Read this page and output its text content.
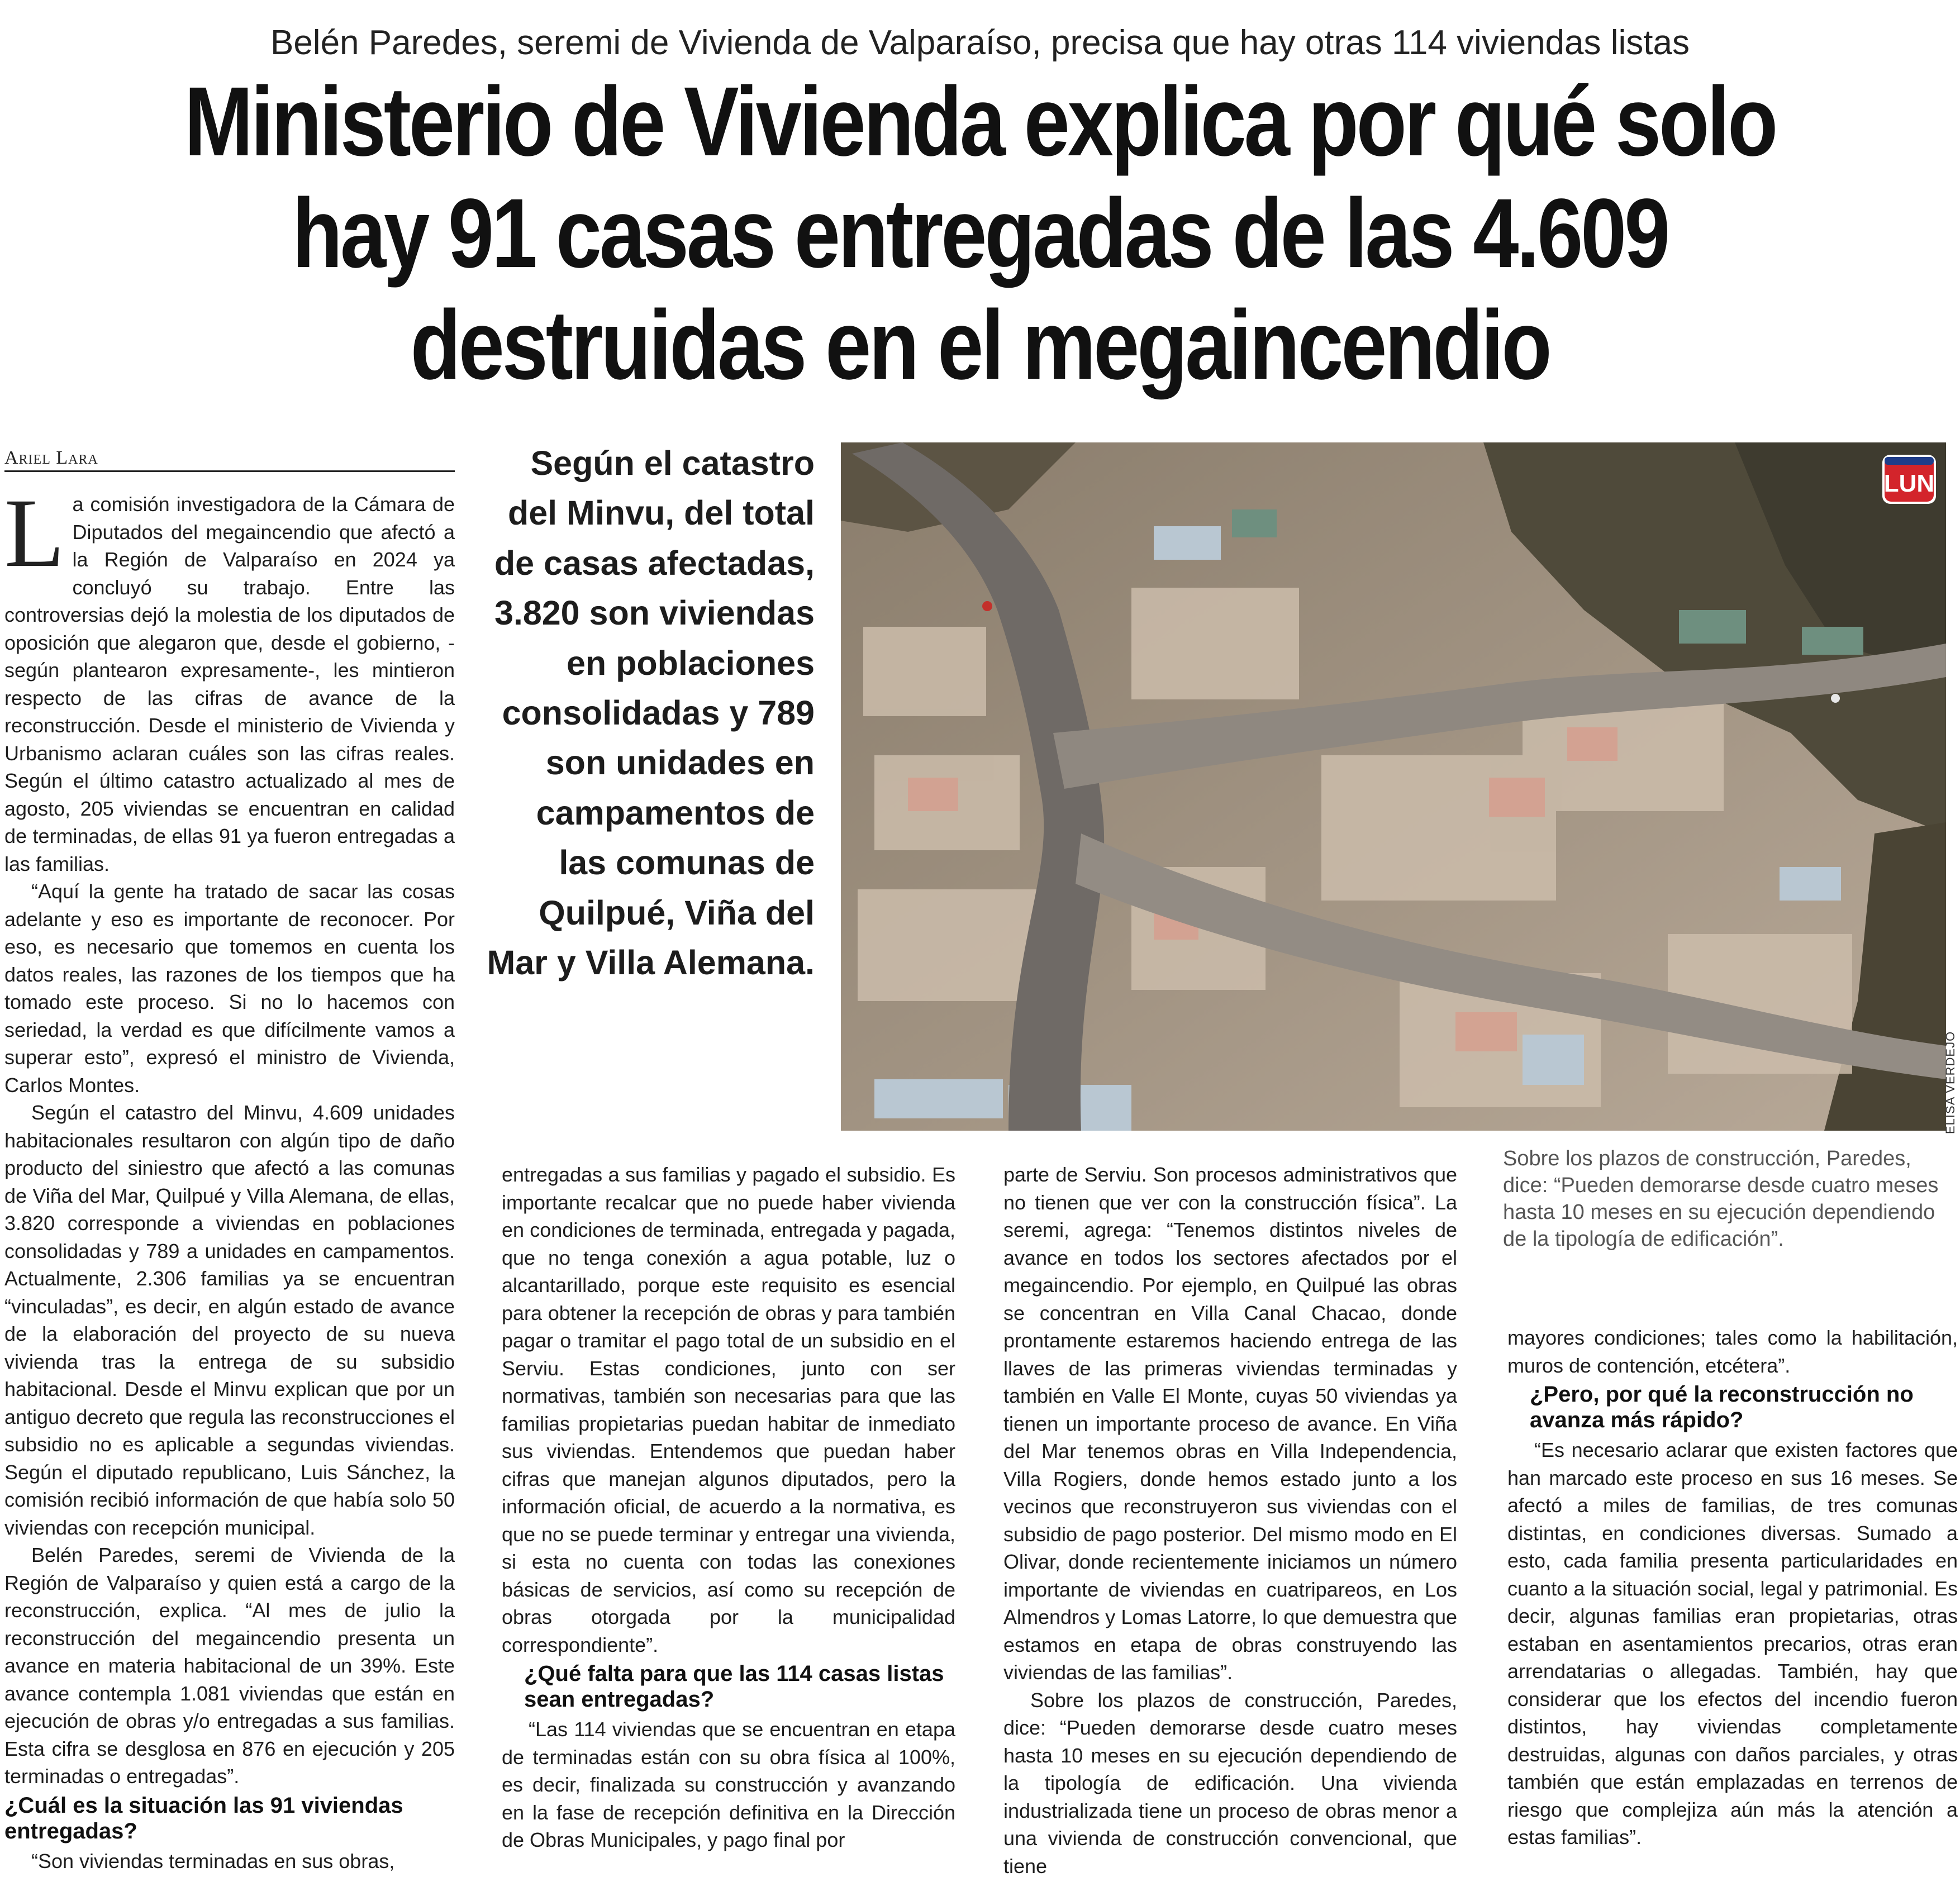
Belén Paredes, seremi de Vivienda de Valparaíso, precisa que hay otras 114 viviendas listas
Ministerio de Vivienda explica por qué solo hay 91 casas entregadas de las 4.609 destruidas en el megaincendio
Ariel Lara

La comisión investigadora de la Cámara de Diputados del megaincendio que afectó a la Región de Valparaíso en 2024 ya concluyó su trabajo. Entre las controversias dejó la molestia de los diputados de oposición que alegaron que, desde el gobierno, -según plantearon expresamente-, les mintieron respecto de las cifras de avance de la reconstrucción. Desde el ministerio de Vivienda y Urbanismo aclaran cuáles son las cifras reales. Según el último catastro actualizado al mes de agosto, 205 viviendas se encuentran en calidad de terminadas, de ellas 91 ya fueron entregadas a las familias.

“Aquí la gente ha tratado de sacar las cosas adelante y eso es importante de reconocer. Por eso, es necesario que tomemos en cuenta los datos reales, las razones de los tiempos que ha tomado este proceso. Si no lo hacemos con seriedad, la verdad es que difícilmente vamos a superar esto”, expresó el ministro de Vivienda, Carlos Montes.

Según el catastro del Minvu, 4.609 unidades habitacionales resultaron con algún tipo de daño producto del siniestro que afectó a las comunas de Viña del Mar, Quilpué y Villa Alemana, de ellas, 3.820 corresponde a viviendas en poblaciones consolidadas y 789 a unidades en campamentos. Actualmente, 2.306 familias ya se encuentran “vinculadas”, es decir, en algún estado de avance de la elaboración del proyecto de su nueva vivienda tras la entrega de su subsidio habitacional. Desde el Minvu explican que por un antiguo decreto que regula las reconstrucciones el subsidio no es aplicable a segundas viviendas. Según el diputado republicano, Luis Sánchez, la comisión recibió información de que había solo 50 viviendas con recepción municipal.

Belén Paredes, seremi de Vivienda de la Región de Valparaíso y quien está a cargo de la reconstrucción, explica. “Al mes de julio la reconstrucción del megaincendio presenta un avance en materia habitacional de un 39%. Este avance contempla 1.081 viviendas que están en ejecución de obras y/o entregadas a sus familias. Esta cifra se desglosa en 876 en ejecución y 205 terminadas o entregadas”.

¿Cuál es la situación las 91 viviendas entregadas?

“Son viviendas terminadas en sus obras,

Según el catastro del Minvu, del total de casas afectadas, 3.820 son viviendas en poblaciones consolidadas y 789 son unidades en campamentos de las comunas de Quilpué, Viña del Mar y Villa Alemana.
LUN
ELISA VERDEJO

entregadas a sus familias y pagado el subsidio. Es importante recalcar que no puede haber vivienda en condiciones de terminada, entregada y pagada, que no tenga conexión a agua potable, luz o alcantarillado, porque este requisito es esencial para obtener la recepción de obras y para también pagar o tramitar el pago total de un subsidio en el Serviu. Estas condiciones, junto con ser normativas, también son necesarias para que las familias propietarias puedan habitar de inmediato sus viviendas. Entendemos que puedan haber cifras que manejan algunos diputados, pero la información oficial, de acuerdo a la normativa, es que no se puede terminar y entregar una vivienda, si esta no cuenta con todas las conexiones básicas de servicios, así como su recepción de obras otorgada por la municipalidad correspondiente”.

¿Qué falta para que las 114 casas listas sean entregadas?

“Las 114 viviendas que se encuentran en etapa de terminadas están con su obra física al 100%, es decir, finalizada su construcción y avanzando en la fase de recepción definitiva en la Dirección de Obras Municipales, y pago final por

parte de Serviu. Son procesos administrativos que no tienen que ver con la construcción física”. La seremi, agrega: “Tenemos distintos niveles de avance en todos los sectores afectados por el megaincendio. Por ejemplo, en Quilpué las obras se concentran en Villa Canal Chacao, donde prontamente estaremos haciendo entrega de las llaves de las primeras viviendas terminadas y también en Valle El Monte, cuyas 50 viviendas ya tienen un importante proceso de avance. En Viña del Mar tenemos obras en Villa Independencia, Villa Rogiers, donde hemos estado junto a los vecinos que reconstruyeron sus viviendas con el subsidio de pago posterior. Del mismo modo en El Olivar, donde recientemente iniciamos un número importante de viviendas en cuatripareos, en Los Almendros y Lomas Latorre, lo que demuestra que estamos en etapa de obras construyendo las viviendas de las familias”.

Sobre los plazos de construcción, Paredes, dice: “Pueden demorarse desde cuatro meses hasta 10 meses en su ejecución dependiendo de la tipología de edificación. Una vivienda industrializada tiene un proceso de obras menor a una vivienda de construcción convencional, que tiene

Sobre los plazos de construcción, Paredes, dice: “Pueden demorarse desde cuatro meses hasta 10 meses en su ejecución dependiendo de la tipología de edificación”.

mayores condiciones; tales como la habilitación, muros de contención, etcétera”.

¿Pero, por qué la reconstrucción no avanza más rápido?

“Es necesario aclarar que existen factores que han marcado este proceso en sus 16 meses. Se afectó a miles de familias, de tres comunas distintas, en condiciones diversas. Sumado a esto, cada familia presenta particularidades en cuanto a la situación social, legal y patrimonial. Es decir, algunas familias eran propietarias, otras estaban en asentamientos precarios, otras eran arrendatarias o allegadas. También, hay que considerar que los efectos del incendio fueron distintos, hay viviendas completamente destruidas, algunas con daños parciales, y otras también que están emplazadas en terrenos de riesgo que complejiza aún más la atención a estas familias”.
